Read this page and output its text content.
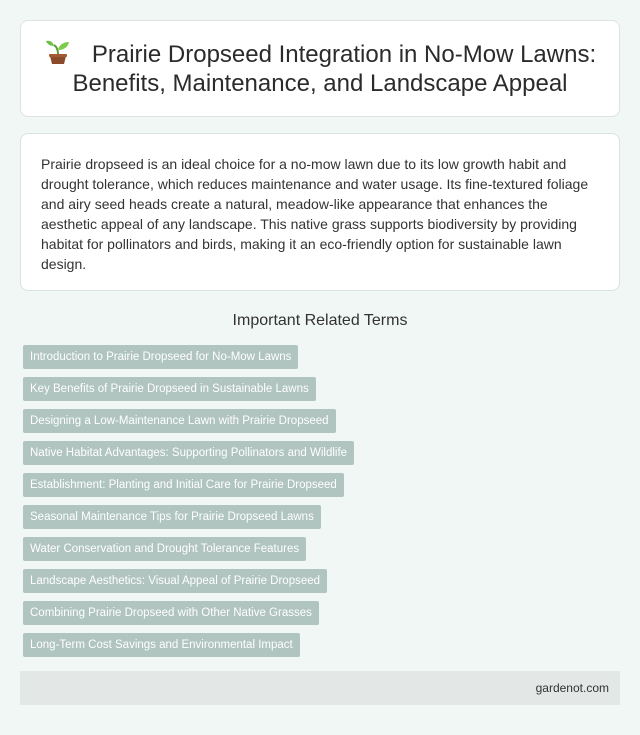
Prairie Dropseed Integration in No-Mow Lawns:
Benefits, Maintenance, and Landscape Appeal

Prairie dropseed is an ideal choice for a no-mow lawn due to its low growth habit and drought tolerance, which reduces maintenance and water usage. Its fine-textured foliage and airy seed heads create a natural, meadow-like appearance that enhances the aesthetic appeal of any landscape. This native grass supports biodiversity by providing habitat for pollinators and birds, making it an eco-friendly option for sustainable lawn design.

Important Related Terms
Introduction to Prairie Dropseed for No-Mow Lawns
Key Benefits of Prairie Dropseed in Sustainable Lawns
Designing a Low-Maintenance Lawn with Prairie Dropseed
Native Habitat Advantages: Supporting Pollinators and Wildlife
Establishment: Planting and Initial Care for Prairie Dropseed
Seasonal Maintenance Tips for Prairie Dropseed Lawns
Water Conservation and Drought Tolerance Features
Landscape Aesthetics: Visual Appeal of Prairie Dropseed
Combining Prairie Dropseed with Other Native Grasses
Long-Term Cost Savings and Environmental Impact
gardenot.com
